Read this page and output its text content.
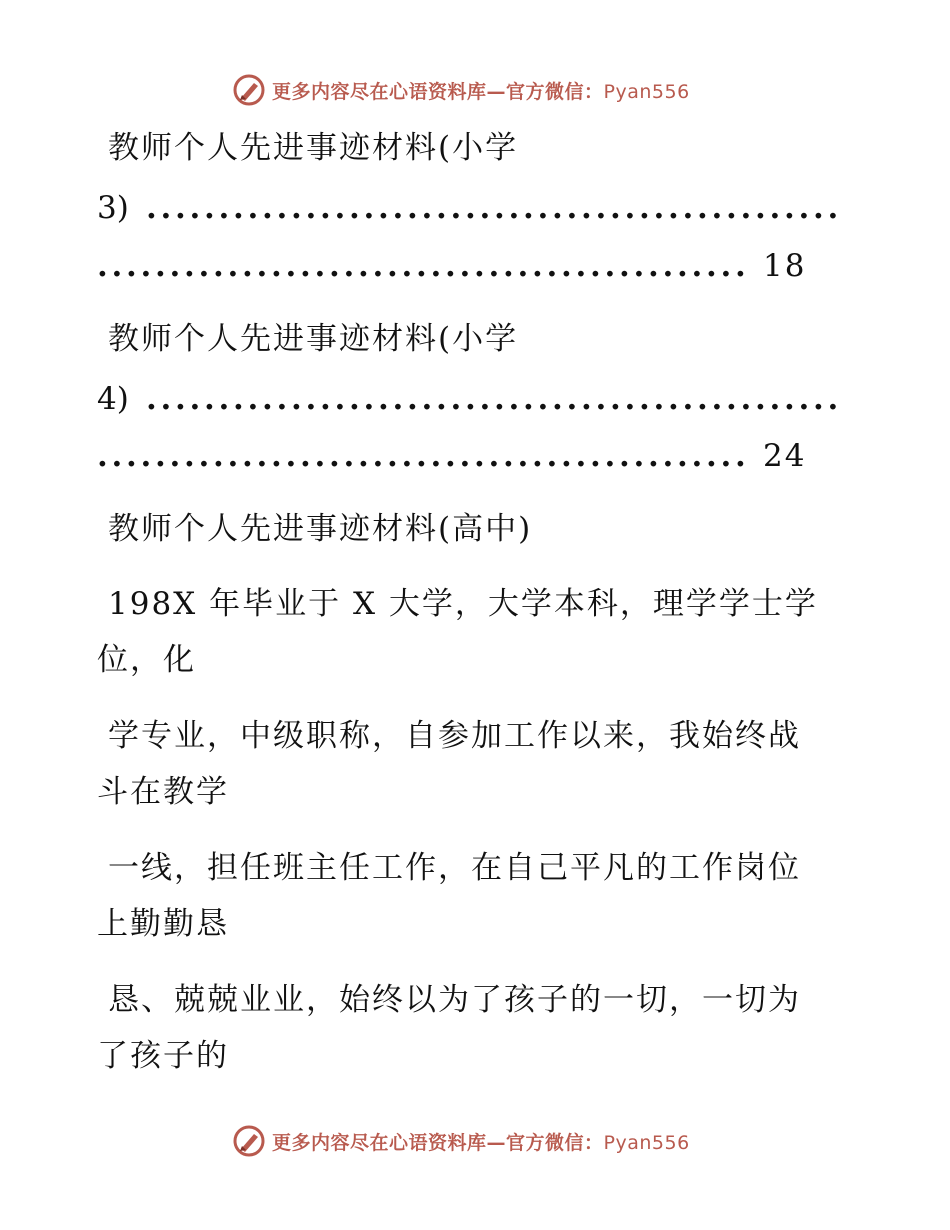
更多内容尽在心语资料库—官方微信：Pyan556
教师个人先进事迹材料(小学
3) . . . . . . . . . . . . . . . . . . . . . . . . . . . . . . . . . . . . . . . . . . . . . . . .
. . . . . . . . . . . . . . . . . . . . . . . . . . . . . . . . . . . . . . . . . . . . . 18
教师个人先进事迹材料(小学
4) . . . . . . . . . . . . . . . . . . . . . . . . . . . . . . . . . . . . . . . . . . . . . . . .
. . . . . . . . . . . . . . . . . . . . . . . . . . . . . . . . . . . . . . . . . . . . . 24
教师个人先进事迹材料(高中)
198X 年毕业于 X 大学，大学本科，理学学士学
位，化
学专业，中级职称，自参加工作以来，我始终战
斗在教学
一线，担任班主任工作，在自己平凡的工作岗位
上勤勤恳
恳、兢兢业业，始终以为了孩子的一切，一切为
了孩子的
更多内容尽在心语资料库—官方微信：Pyan556
